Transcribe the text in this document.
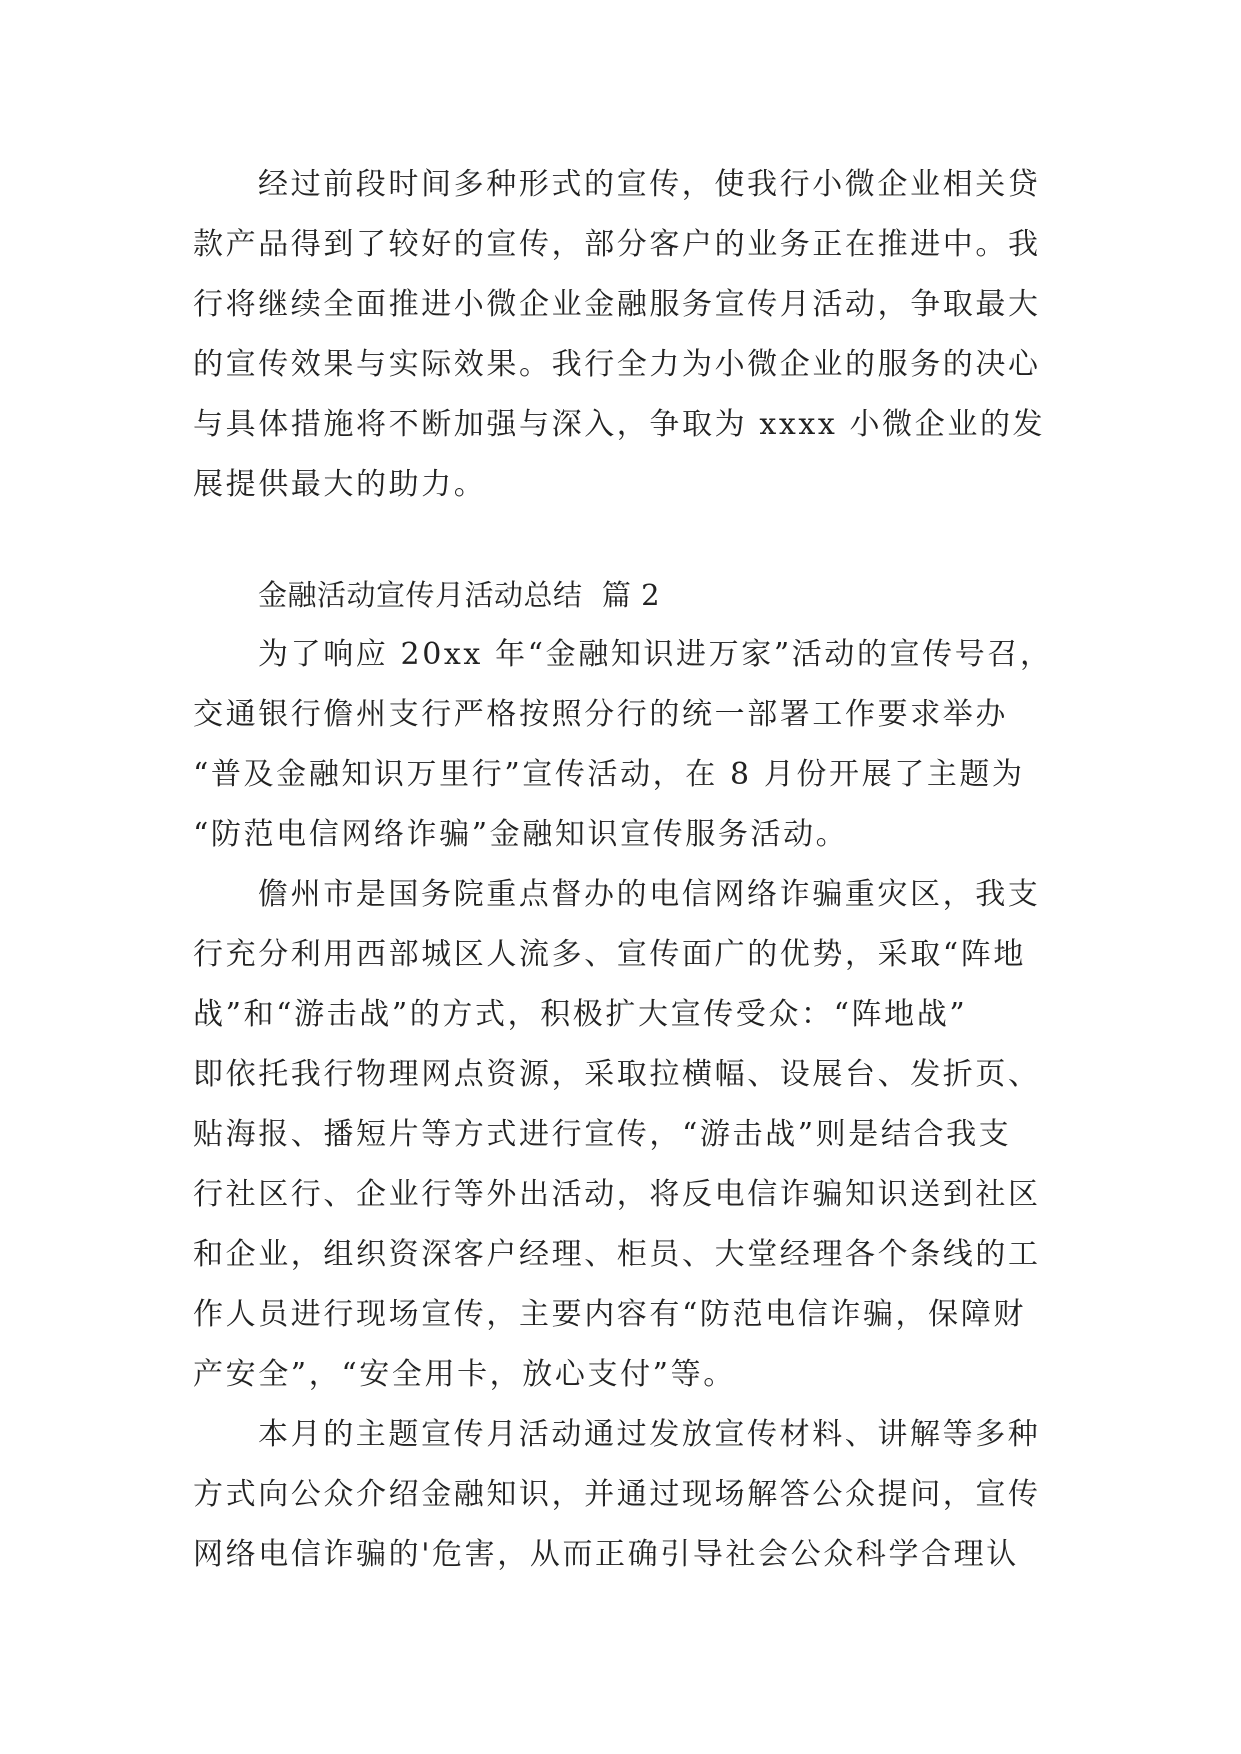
经过前段时间多种形式的宣传，使我行小微企业相关贷
款产品得到了较好的宣传，部分客户的业务正在推进中。我
行将继续全面推进小微企业金融服务宣传月活动，争取最大
的宣传效果与实际效果。我行全力为小微企业的服务的决心
与具体措施将不断加强与深入，争取为 xxxx 小微企业的发
展提供最大的助力。
金融活动宣传月活动总结  篇 2
为了响应 20xx 年“金融知识进万家”活动的宣传号召，
交通银行儋州支行严格按照分行的统一部署工作要求举办
“普及金融知识万里行”宣传活动，在 8 月份开展了主题为
“防范电信网络诈骗”金融知识宣传服务活动。
儋州市是国务院重点督办的电信网络诈骗重灾区，我支
行充分利用西部城区人流多、宣传面广的优势，采取“阵地
战”和“游击战”的方式，积极扩大宣传受众：“阵地战”
即依托我行物理网点资源，采取拉横幅、设展台、发折页、
贴海报、播短片等方式进行宣传，“游击战”则是结合我支
行社区行、企业行等外出活动，将反电信诈骗知识送到社区
和企业，组织资深客户经理、柜员、大堂经理各个条线的工
作人员进行现场宣传，主要内容有“防范电信诈骗，保障财
产安全”，“安全用卡，放心支付”等。
本月的主题宣传月活动通过发放宣传材料、讲解等多种
方式向公众介绍金融知识，并通过现场解答公众提问，宣传
网络电信诈骗的'危害，从而正确引导社会公众科学合理认
